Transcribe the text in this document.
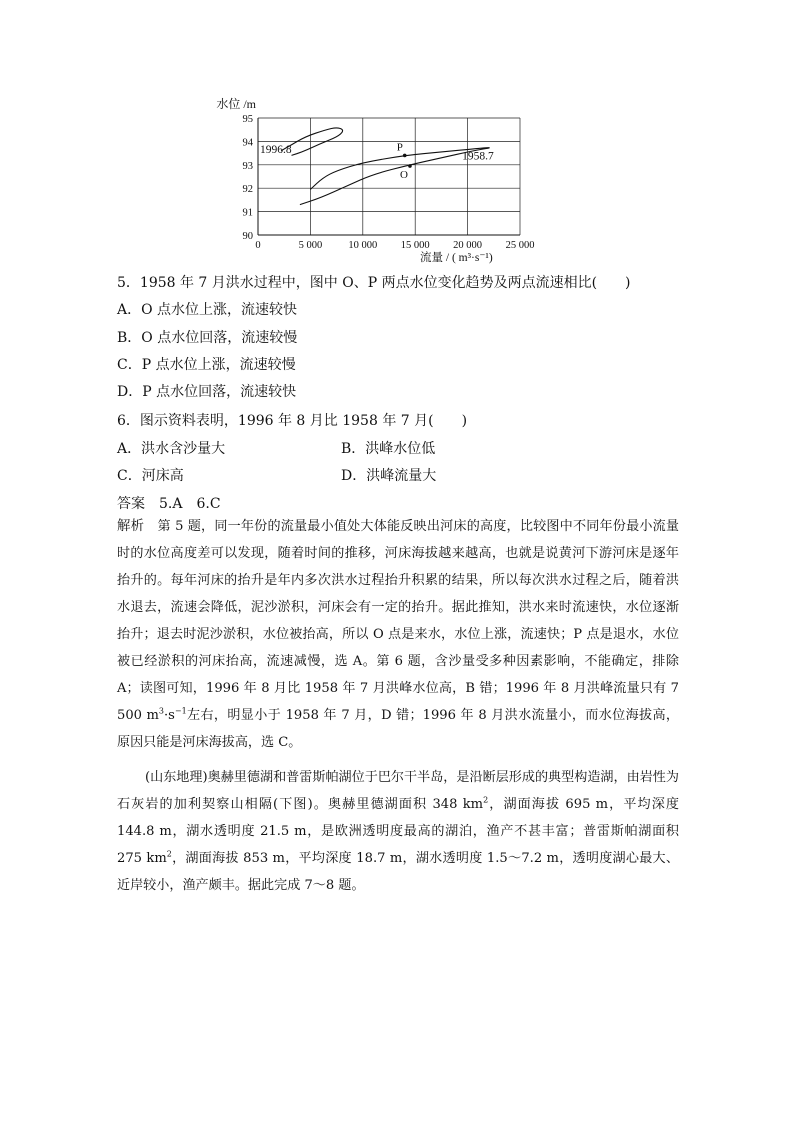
0	5 000 10 000 15 000 20 000 25 000
90
91
92
93
94
95
1996.8
1958.7
P
O
水位 /m
流量 / ( m³·s⁻¹)
5．1958 年 7 月洪水过程中，图中 O、P 两点水位变化趋势及两点流速相比(　　)
A．O 点水位上涨，流速较快
B．O 点水位回落，流速较慢
C．P 点水位上涨，流速较慢
D．P 点水位回落，流速较快
6．图示资料表明，1996 年 8 月比 1958 年 7 月(　　)
A．洪水含沙量大	B．洪峰水位低
C．河床高	D．洪峰流量大
答案　5.A　6.C

解析　第 5 题，同一年份的流量最小值处大体能反映出河床的高度，比较图中不同年份最小流量时的水位高度差可以发现，随着时间的推移，河床海拔越来越高，也就是说黄河下游河床是逐年抬升的。每年河床的抬升是年内多次洪水过程抬升积累的结果，所以每次洪水过程之后，随着洪水退去，流速会降低，泥沙淤积，河床会有一定的抬升。据此推知，洪水来时流速快，水位逐渐抬升；退去时泥沙淤积，水位被抬高，所以 O 点是来水，水位上涨，流速快；P 点是退水，水位被已经淤积的河床抬高，流速减慢，选 A。第 6 题，含沙量受多种因素影响，不能确定，排除 A；读图可知，1996 年 8 月比 1958 年 7 月洪峰水位高，B 错；1996 年 8 月洪峰流量只有 7 500 $m^3\cdot s^{-1}$左右，明显小于 1958 年 7 月，D 错；1996 年 8 月洪水流量小，而水位海拔高，原因只能是河床海拔高，选 C。

(山东地理)奥赫里德湖和普雷斯帕湖位于巴尔干半岛，是沿断层形成的典型构造湖，由岩性为石灰岩的加利契察山相隔(下图)。奥赫里德湖面积 348 $km^2$，湖面海拔 695 m，平均深度 144.8 m，湖水透明度 21.5 m，是欧洲透明度最高的湖泊，渔产不甚丰富；普雷斯帕湖面积 275 $km^2$，湖面海拔 853 m，平均深度 18.7 m，湖水透明度 1.5～7.2 m，透明度湖心最大、近岸较小，渔产颇丰。据此完成 7～8 题。
